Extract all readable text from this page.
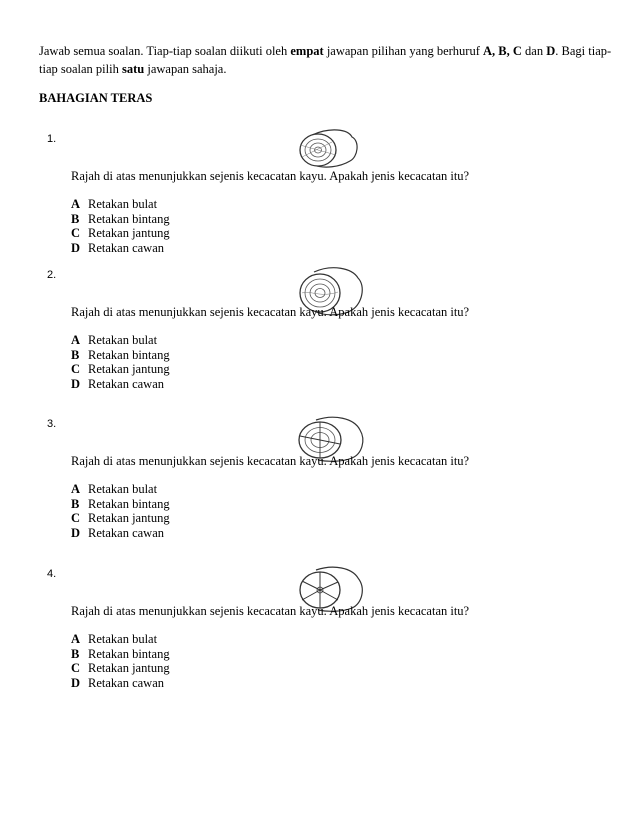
Jawab semua soalan. Tiap-tiap soalan diikuti oleh empat jawapan pilihan yang berhuruf A, B, C dan D. Bagi tiap-tiap soalan pilih satu jawapan sahaja.
BAHAGIAN TERAS
1.
Rajah di atas menunjukkan sejenis kecacatan kayu. Apakah jenis kecacatan itu?
A Retakan bulat
B Retakan bintang
C Retakan jantung
D Retakan cawan
2.
Rajah di atas menunjukkan sejenis kecacatan kayu. Apakah jenis kecacatan itu?
A Retakan bulat
B Retakan bintang
C Retakan jantung
D Retakan cawan
3.
Rajah di atas menunjukkan sejenis kecacatan kayu. Apakah jenis kecacatan itu?
A Retakan bulat
B Retakan bintang
C Retakan jantung
D Retakan cawan
4.
Rajah di atas menunjukkan sejenis kecacatan kayu. Apakah jenis kecacatan itu?
A Retakan bulat
B Retakan bintang
C Retakan jantung
D Retakan cawan
